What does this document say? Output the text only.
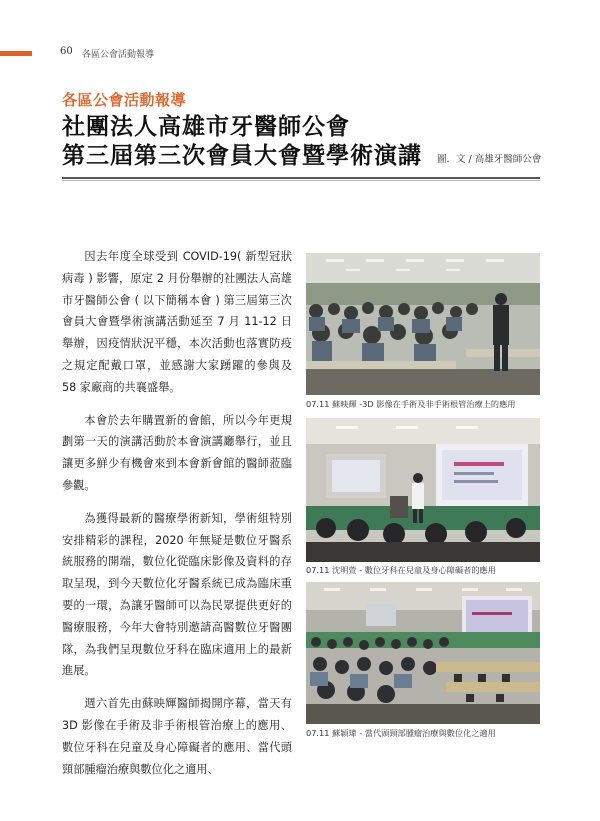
60 各區公會活動報導
各區公會活動報導
社團法人高雄市牙醫師公會
第三屆第三次會員大會暨學術演講 圖．文 / 高雄牙醫師公會

因去年度全球受到 COVID-19( 新型冠狀病毒 ) 影響，原定 2 月份舉辦的社團法人高雄市牙醫師公會 ( 以下簡稱本會 ) 第三屆第三次會員大會暨學術演講活動延至 7 月 11-12 日舉辦，因疫情狀況平穩，本次活動也落實防疫之規定配戴口罩，並感謝大家踴躍的參與及 58 家廠商的共襄盛舉。

本會於去年購置新的會館，所以今年更規劃第一天的演講活動於本會演講廳舉行，並且讓更多鮮少有機會來到本會新會館的醫師蒞臨參觀。

為獲得最新的醫療學術新知，學術組特別安排精彩的課程，2020 年無疑是數位牙醫系統服務的開端，數位化從臨床影像及資料的存取呈現，到今天數位化牙醫系統已成為臨床重要的一環，為讓牙醫師可以為民眾提供更好的醫療服務，今年大會特別邀請高醫數位牙醫團隊，為我們呈現數位牙科在臨床適用上的最新進展。

週六首先由蘇映輝醫師揭開序幕，當天有 3D 影像在手術及非手術根管治療上的應用、數位牙科在兒童及身心障礙者的應用、當代頭頸部腫瘤治療與數位化之適用、

07.11 蘇映輝 -3D 影像在手術及非手術根管治療上的應用
07.11 沈明萱 - 數位牙科在兒童及身心障礙者的應用
07.11 蘇穎瑋 - 當代頭頸部腫瘤治療與數位化之適用
